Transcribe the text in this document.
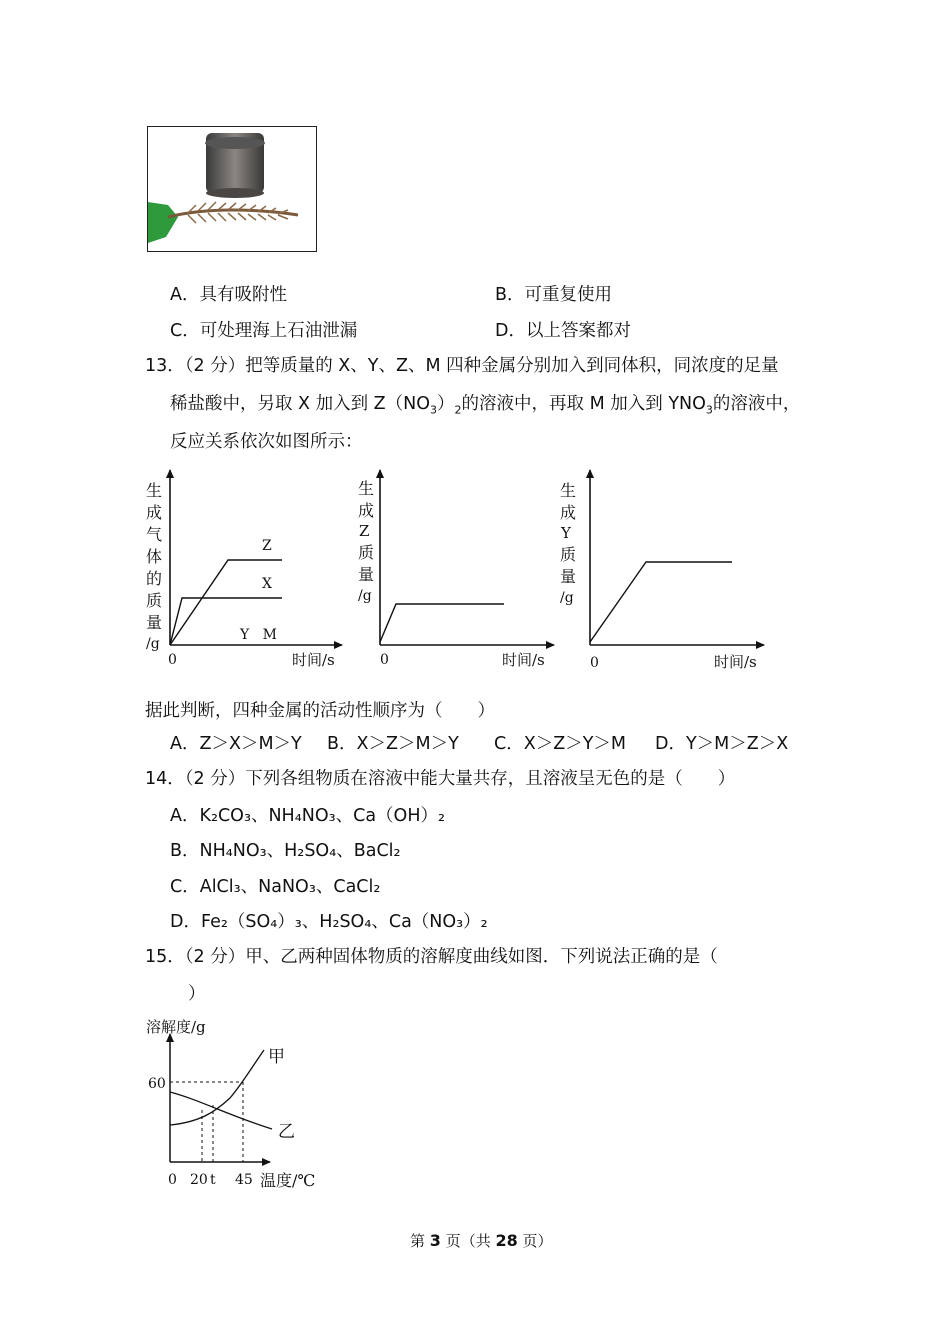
A．具有吸附性	B．可重复使用
C．可处理海上石油泄漏	D．以上答案都对
13．（2 分）把等质量的 X、Y、Z、M 四种金属分别加入到同体积，同浓度的足量
稀盐酸中，另取 X 加入到 $Z(NO_3)_2$的溶液中，再取 M 加入到 $YNO_3$的溶液中，
反应关系依次如图所示：
生
成
气
体
的
质
量
/g
0	时间/s
Z
X
Y   M
生
成
Z
质
量
/g
0	时间/s
生
成
Y
质
量
/g
0	时间/s
据此判断，四种金属的活动性顺序为（　　）
A．Z＞X＞M＞Y B．X＞Z＞M＞Y C．X＞Z＞Y＞M D．Y＞M＞Z＞X
14．（2 分）下列各组物质在溶液中能大量共存，且溶液呈无色的是（　　）
A．K₂CO₃、NH₄NO₃、Ca（OH）₂
B．NH₄NO₃、H₂SO₄、BaCl₂
C．AlCl₃、NaNO₃、CaCl₂
D．Fe₂（SO₄）₃、H₂SO₄、Ca（NO₃）₂
15．（2 分）甲、乙两种固体物质的溶解度曲线如图．下列说法正确的是（
）
溶解度/g
60
甲
乙
0 20 t 45 温度/℃
第 3 页（共 28 页）
